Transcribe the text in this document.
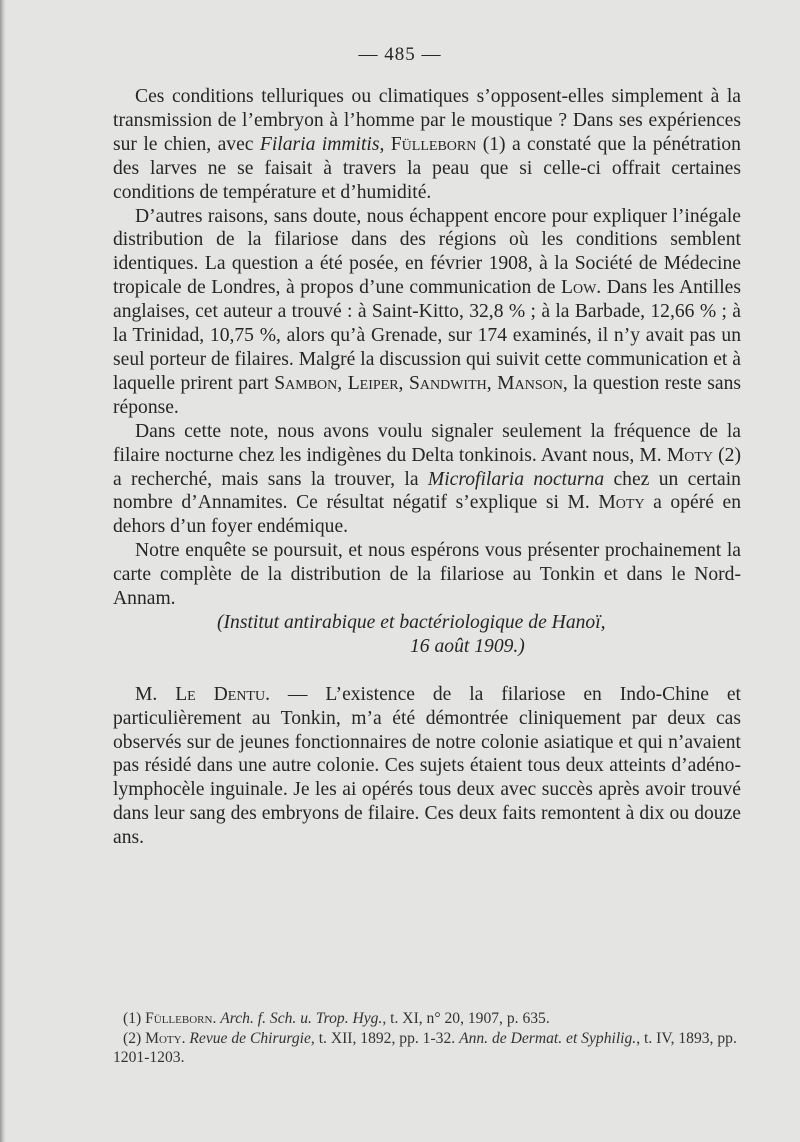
— 485 —

Ces conditions telluriques ou climatiques s’opposent-elles simplement à la transmission de l’embryon à l’homme par le moustique ? Dans ses expériences sur le chien, avec Filaria immitis, Fülleborn (1) a constaté que la pénétration des larves ne se faisait à travers la peau que si celle-ci offrait certaines conditions de température et d’humidité.

D’autres raisons, sans doute, nous échappent encore pour expliquer l’inégale distribution de la filariose dans des régions où les conditions semblent identiques. La question a été posée, en février 1908, à la Société de Médecine tropicale de Londres, à propos d’une communication de Low. Dans les Antilles anglaises, cet auteur a trouvé : à Saint-Kitto, 32,8 % ; à la Barbade, 12,66 % ; à la Trinidad, 10,75 %, alors qu’à Grenade, sur 174 examinés, il n’y avait pas un seul porteur de filaires. Malgré la discussion qui suivit cette communication et à laquelle prirent part Sambon, Leiper, Sandwith, Manson, la question reste sans réponse.

Dans cette note, nous avons voulu signaler seulement la fréquence de la filaire nocturne chez les indigènes du Delta tonkinois. Avant nous, M. Moty (2) a recherché, mais sans la trouver, la Microfilaria nocturna chez un certain nombre d’Annamites. Ce résultat négatif s’explique si M. Moty a opéré en dehors d’un foyer endémique.

Notre enquête se poursuit, et nous espérons vous présenter prochainement la carte complète de la distribution de la filariose au Tonkin et dans le Nord-Annam.

(Institut antirabique et bactériologique de Hanoï,
16 août 1909.)

M. Le Dentu. — L’existence de la filariose en Indo-Chine et particulièrement au Tonkin, m’a été démontrée cliniquement par deux cas observés sur de jeunes fonctionnaires de notre colonie asiatique et qui n’avaient pas résidé dans une autre colonie. Ces sujets étaient tous deux atteints d’adéno-lymphocèle inguinale. Je les ai opérés tous deux avec succès après avoir trouvé dans leur sang des embryons de filaire. Ces deux faits remontent à dix ou douze ans.

(1) Fülleborn. Arch. f. Sch. u. Trop. Hyg., t. XI, n° 20, 1907, p. 635.

(2) Moty. Revue de Chirurgie, t. XII, 1892, pp. 1-32. Ann. de Dermat. et Syphilig., t. IV, 1893, pp. 1201-1203.
